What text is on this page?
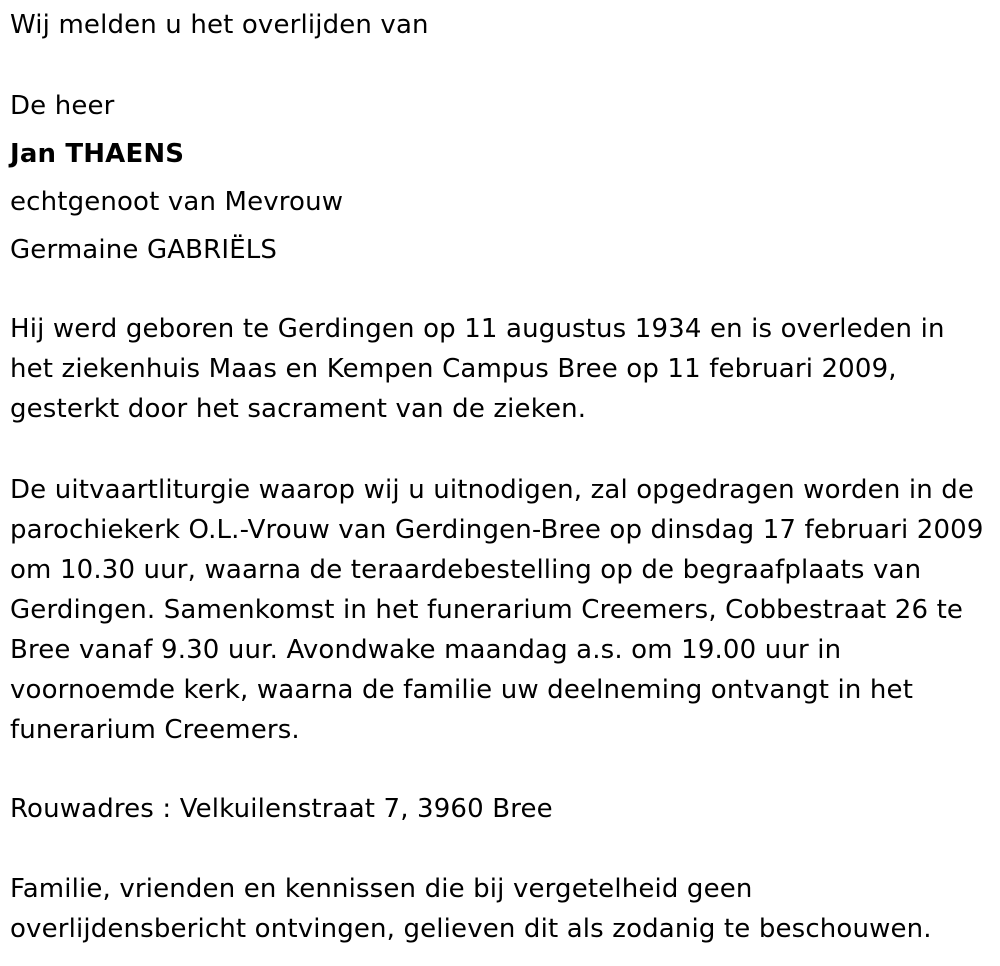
Wij melden u het overlijden van
De heer
Jan THAENS
echtgenoot van Mevrouw
Germaine GABRIËLS
Hij werd geboren te Gerdingen op 11 augustus 1934 en is overleden in
het ziekenhuis Maas en Kempen Campus Bree op 11 februari 2009,
gesterkt door het sacrament van de zieken.
De uitvaartliturgie waarop wij u uitnodigen, zal opgedragen worden in de
parochiekerk O.L.-Vrouw van Gerdingen-Bree op dinsdag 17 februari 2009
om 10.30 uur, waarna de teraardebestelling op de begraafplaats van
Gerdingen. Samenkomst in het funerarium Creemers, Cobbestraat 26 te
Bree vanaf 9.30 uur. Avondwake maandag a.s. om 19.00 uur in
voornoemde kerk, waarna de familie uw deelneming ontvangt in het
funerarium Creemers.
Rouwadres : Velkuilenstraat 7, 3960 Bree
Familie, vrienden en kennissen die bij vergetelheid geen
overlijdensbericht ontvingen, gelieven dit als zodanig te beschouwen.
